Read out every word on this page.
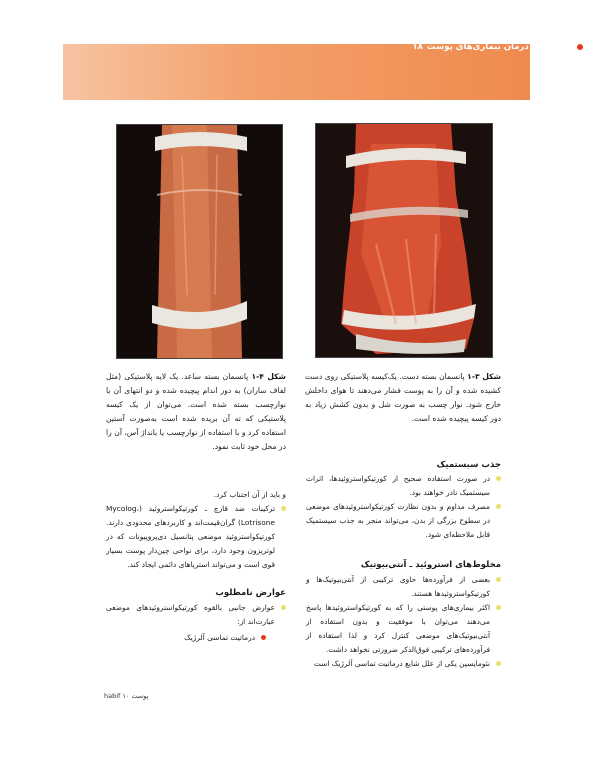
تشخیص و درمان بیماری‌های پوست
۱۸
شکل ۳-۱ پانسمان بسته دست. یک‌کیسه پلاستیکی روی دست کشیده شده و آن را به پوست فشار می‌دهند تا هوای داخلش خارج شود. نوار چسب به صورت شل و بدون کشش زیاد به دور کیسه پیچیده شده است.
شکل ۴-۱ پانسمان بسته ساعد. یک لایه پلاستیکی (مثل لفاف ساران) به دور اندام پیچیده شده و دو انتهای آن با نوارچسب بسته شده است. می‌توان از یک کیسه پلاستیکی که ته آن بریده شده است به‌صورت آستین استفاده کرد و با استفاده از نوارچسب یا بانداژ آس، آن را در محل خود ثابت نمود.
جذب سیستمیک
در صورت استفاده صحیح از کورتیکواستروئیدها، اثرات سیستمیک نادر خواهند بود.
مصرف مداوم و بدون نظارت کورتیکواستروئیدهای موضعی در سطوح بزرگی از بدن، می‌تواند منجر به جذب سیستمیک قابل ملاحظه‌ای شود.
مخلوط‌های استروئید ـ آنتی‌بیوتیک
بعضی از فرآورده‌ها حاوی ترکیبی از آنتی‌بیوتیک‌ها و کورتیکواستروئیدها هستند.
اکثر بیماری‌های پوستی را که به کورتیکواستروئیدها پاسخ می‌دهند می‌توان با موفقیت و بدون استفاده از آنتی‌بیوتیک‌های موضعی کنترل کرد و لذا استفاده از فرآورده‌های ترکیبی فوق‌الذکر ضرورتی نخواهد داشت.
نئومایسین یکی از علل شایع درماتیت تماسی آلرژیک است
و باید از آن اجتناب کرد.
ترکیبات ضد قارچ ـ کورتیکواستروئید (Mycolog، Lotrisone) گران‌قیمت‌اند و کاربردهای محدودی دارند. کورتیکواستروئید موضعی پتانسیل دی‌پروپیونات که در لوتریزون وجود دارد، برای نواحی چین‌دار پوست بسیار قوی است و می‌تواند استریاهای دائمی ایجاد کند.
عوارض نامطلوب
عوارض جانبی بالقوه کورتیکواستروئیدهای موضعی عبارت‌اند از:
درماتیت تماسی آلرژیک
habif ۱۰ پوست
